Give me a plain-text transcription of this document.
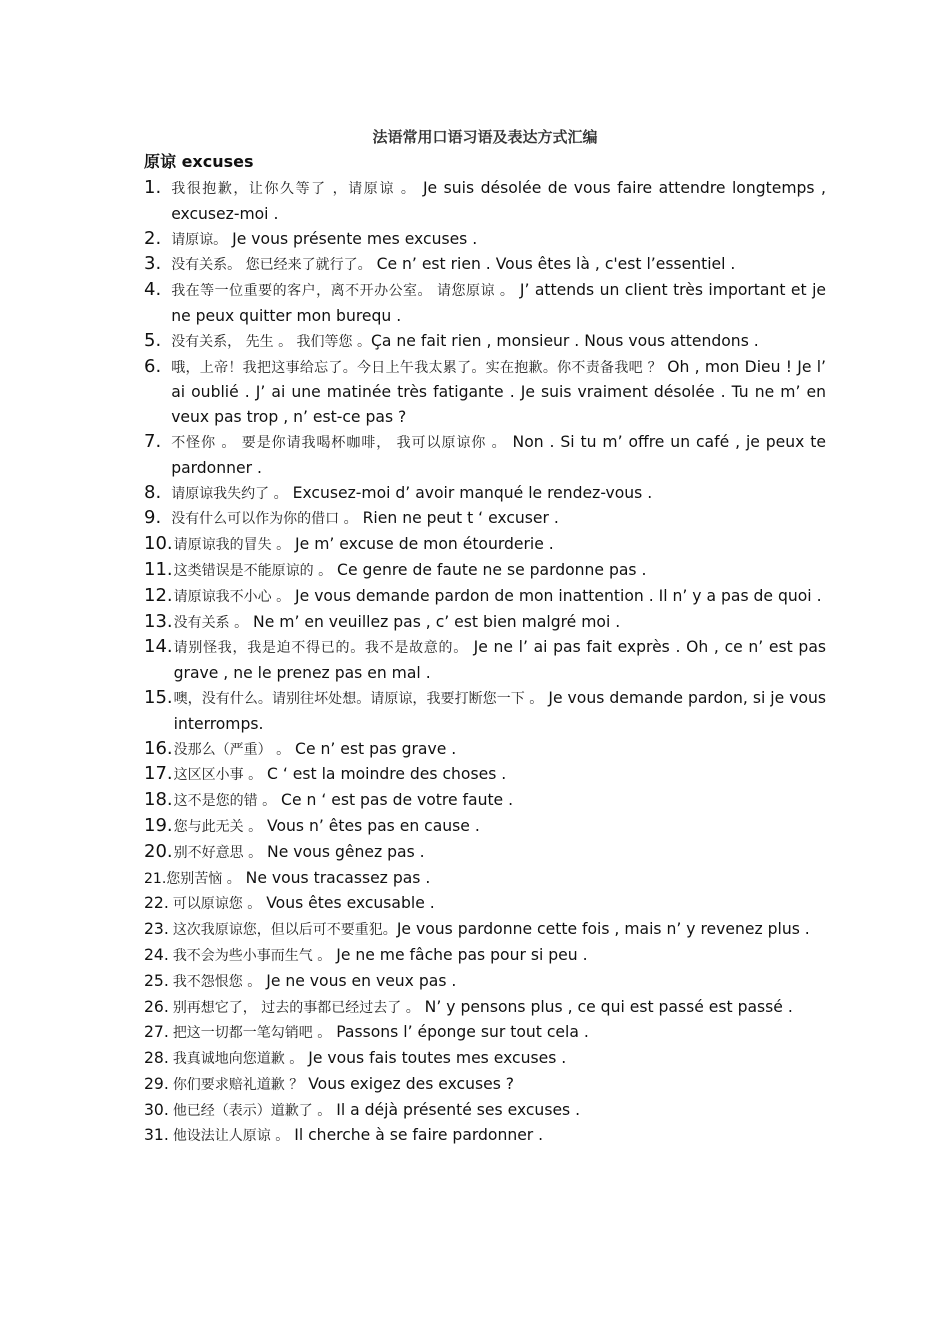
法语常用口语习语及表达方式汇编
原谅 excuses
1. 我很抱歉，让你久等了 ，请原谅 。 Je suis désolée de vous faire attendre longtemps , excusez-moi .
2. 请原谅。 Je vous présente mes excuses .
3. 没有关系。 您已经来了就行了。 Ce n’ est rien . Vous êtes là , c'est l’essentiel .
4. 我在等一位重要的客户，离不开办公室。 请您原谅 。 J’ attends un client très important et je ne peux quitter mon burequ .
5. 没有关系， 先生 。 我们等您 。Ça ne fait rien , monsieur . Nous vous attendons .
6. 哦，上帝！我把这事给忘了。今日上午我太累了。实在抱歉。你不责备我吧 ？ Oh , mon Dieu ! Je l’ ai oublié . J’ ai une matinée très fatigante . Je suis vraiment désolée . Tu ne m’ en veux pas trop , n’ est-ce pas ?
7. 不怪你 。 要是你请我喝杯咖啡， 我可以原谅你 。 Non . Si tu m’ offre un café , je peux te pardonner .
8. 请原谅我失约了 。 Excusez-moi d’ avoir manqué le rendez-vous .
9. 没有什么可以作为你的借口 。 Rien ne peut t ‘ excuser .
10. 请原谅我的冒失 。 Je m’ excuse de mon étourderie .
11. 这类错误是不能原谅的 。 Ce genre de faute ne se pardonne pas .
12. 请原谅我不小心 。 Je vous demande pardon de mon inattention . Il n’ y a pas de quoi .
13. 没有关系 。 Ne m’ en veuillez pas , c’ est bien malgré moi .
14. 请别怪我，我是迫不得已的。我不是故意的。 Je ne l’ ai pas fait exprès . Oh , ce n’ est pas grave , ne le prenez pas en mal .
15. 噢，没有什么。请别往坏处想。请原谅，我要打断您一下 。 Je vous demande pardon, si je vous interromps.
16. 没那么（严重） 。 Ce n’ est pas grave .
17. 这区区小事 。 C ‘ est la moindre des choses .
18. 这不是您的错 。 Ce n ‘ est pas de votre faute .
19. 您与此无关 。 Vous n’ êtes pas en cause .
20. 别不好意思 。 Ne vous gênez pas .
21.您别苦恼 。 Ne vous tracassez pas .
22. 可以原谅您 。 Vous êtes excusable .
23. 这次我原谅您，但以后可不要重犯。Je vous pardonne cette fois , mais n’ y revenez plus .
24. 我不会为些小事而生气 。 Je ne me fâche pas pour si peu .
25. 我不怨恨您 。 Je ne vous en veux pas .
26. 别再想它了， 过去的事都已经过去了 。 N’ y pensons plus , ce qui est passé est passé .
27. 把这一切都一笔勾销吧 。 Passons l’ éponge sur tout cela .
28. 我真诚地向您道歉 。 Je vous fais toutes mes excuses .
29. 你们要求赔礼道歉 ？ Vous exigez des excuses ?
30. 他已经（表示）道歉了 。 Il a déjà présenté ses excuses .
31. 他设法让人原谅 。 Il cherche à se faire pardonner .
